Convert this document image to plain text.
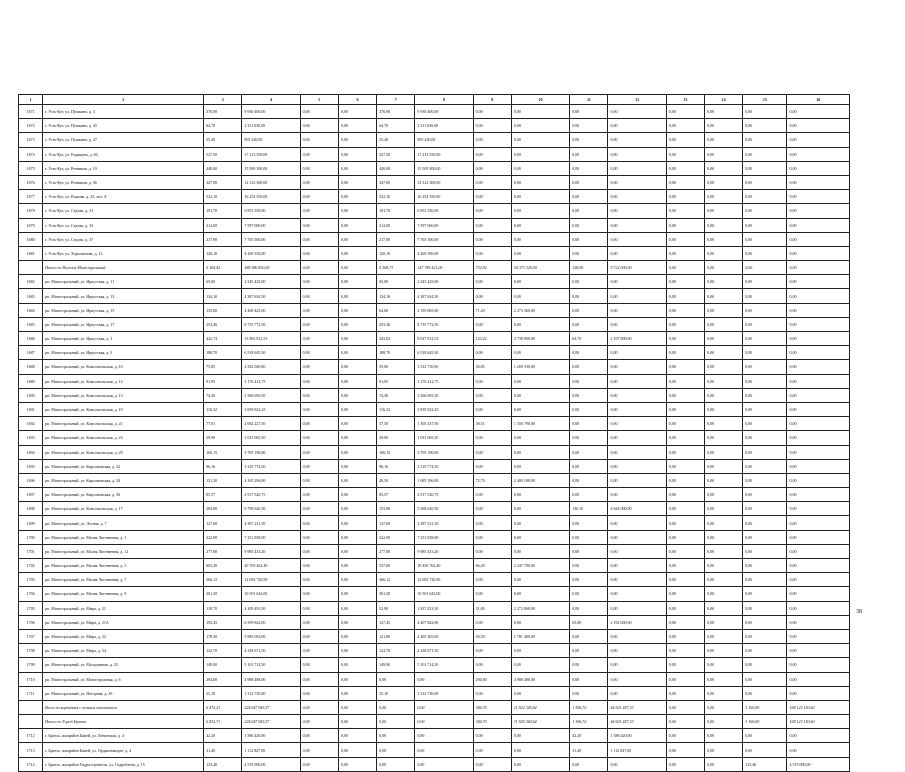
1	2	3	4	5	6	7	8	9	10	11	12	13	14	15	16
1671	г. Усть-Кут, ул. Пушкина, д. 3	376,90	9 930 400,00	0,00	0,00	376,90	9 930 400,00	0,00	0,00	0,00	0,00	0,00	0,00	0,00	0,00
1672	г. Усть-Кут, ул. Пушкина, д. 45	64,70	2 311 630,00	0,00	0,00	64,70	2 311 630,00	0,00	0,00	0,00	0,00	0,00	0,00	0,00	0,00
1673	г. Усть-Кут, ул. Пушкина, д. 47	25,40	905 230,00	0,00	0,00	25,40	905 230,00	0,00	0,00	0,00	0,00	0,00	0,00	0,00	0,00
1674	г. Усть-Кут, ул. Радищева, д. 84	527,50	17 213 550,00	0,00	0,00	527,50	17 213 550,00	0,00	0,00	0,00	0,00	0,00	0,00	0,00	0,00
1675	г. Усть-Кут, ул. Речников, д. 19	440,00	15 509 300,00	0,00	0,00	440,00	15 509 300,00	0,00	0,00	0,00	0,00	0,00	0,00	0,00	0,00
1676	г. Усть-Кут, ул. Речников, д. 36	347,00	12 312 300,00	0,00	0,00	347,00	12 312 300,00	0,00	0,00	0,00	0,00	0,00	0,00	0,00	0,00
1677	г. Усть-Кут, ул. Рыжова, д. 25, лит. А	522,10	16 254 550,00	0,00	0,00	522,10	16 254 550,00	0,00	0,00	0,00	0,00	0,00	0,00	0,00	0,00
1678	г. Усть-Кут, ул. Седова, д. 31	191,70	6 853 350,00	0,00	0,00	191,70	6 853 350,00	0,00	0,00	0,00	0,00	0,00	0,00	0,00	0,00
1679	г. Усть-Кут, ул. Седова, д. 33	214,00	7 597 000,00	0,00	0,00	214,00	7 597 000,00	0,00	0,00	0,00	0,00	0,00	0,00	0,00	0,00
1680	г. Усть-Кут, ул. Седова, д. 37	217,90	7 765 500,00	0,00	0,00	217,90	7 765 500,00	0,00	0,00	0,00	0,00	0,00	0,00	0,00	0,00
1681	г. Усть-Кут, ул. Хорошилова, д. 12	120,10	4 269 350,00	0,00	0,00	120,10	4 269 350,00	0,00	0,00	0,00	0,00	0,00	0,00	0,00	0,00
	Итого по Поселок Магистральный:	5 164,42	188 380 830,00	0,00	0,00	4 368,73	147 785 421,00	732,92	34 373 329,00	128,00	9 722 000,00	0,00	0,00	0,00	0,00
1682	рп. Магистральный, ул. Иркутская, д. 11	65,00	2 345 425,00	0,00	0,00	65,00	2 345 425,00	0,00	0,00	0,00	0,00	0,00	0,00	0,00	0,00
1683	рп. Магистральный, ул. Иркутская, д. 13	134,10	4 387 634,50	0,00	0,00	134,10	4 387 634,50	0,00	0,00	0,00	0,00	0,00	0,00	0,00	0,00
1684	рп. Магистральный, ул. Иркутская, д. 15	135,80	4 468 425,00	0,00	0,00	64,60	2 195 065,00	71,20	2 273 360,00	0,00	0,00	0,00	0,00	0,00	0,00
1685	рп. Магистральный, ул. Иркутская, д. 17	253,46	8 735 772,50	0,00	0,00	253,46	8 735 772,50	0,00	0,00	0,00	0,00	0,00	0,00	0,00	0,00
1686	рп. Магистральный, ул. Иркутская, д. 3	422,74	13 963 812,53	0,00	0,00	243,82	8 027 912,53	123,22	3 738 900,00	64,70	2 197 000,00	0,00	0,00	0,00	0,00
1687	рп. Магистральный, ул. Иркутская, д. 5	188,70	6 518 645,50	0,00	0,00	188,70	6 518 645,50	0,00	0,00	0,00	0,00	0,00	0,00	0,00	0,00
1688	рп. Магистральный, ул. Комсомольская, д. 10	75,85	2 582 040,00	0,00	0,00	39,00	1 312 710,00	36,85	1 269 330,00	0,00	0,00	0,00	0,00	0,00	0,00
1689	рп. Магистральный, ул. Комсомольская, д. 12	91,95	3 176 412,75	0,00	0,00	91,95	3 176 412,75	0,00	0,00	0,00	0,00	0,00	0,00	0,00	0,00
1690	рп. Магистральный, ул. Комсомольская, д. 13	74,30	2 566 693,50	0,00	0,00	74,30	2 566 693,50	0,00	0,00	0,00	0,00	0,00	0,00	0,00	0,00
1691	рп. Магистральный, ул. Комсомольская, д. 19	116,32	3 839 922,25	0,00	0,00	116,32	3 839 922,25	0,00	0,00	0,00	0,00	0,00	0,00	0,00	0,00
1692	рп. Магистральный, ул. Комсомольская, д. 21	77,01	2 682 227,50	0,00	0,00	37,50	1 305 437,50	39,51	1 356 790,00	0,00	0,00	0,00	0,00	0,00	0,00
1693	рп. Магистральный, ул. Комсомольская, д. 23	29,90	1 031 065,50	0,00	0,00	29,90	1 031 065,50	0,00	0,00	0,00	0,00	0,00	0,00	0,00	0,00
1694	рп. Магистральный, ул. Комсомольская, д. 29	106,15	3 705 190,00	0,00	0,00	106,15	3 705 190,00	0,00	0,00	0,00	0,00	0,00	0,00	0,00	0,00
1695	рп. Магистральный, ул. Кирсановская, д. 32	96,16	3 319 774,50	0,00	0,00	96,16	3 319 774,50	0,00	0,00	0,00	0,00	0,00	0,00	0,00	0,00
1696	рп. Магистральный, ул. Кирсановская, д. 34	121,20	4 165 296,00	0,00	0,00	48,50	1 685 196,00	72,70	2 480 100,00	0,00	0,00	0,00	0,00	0,00	0,00
1697	рп. Магистральный, ул. Кирсановская, д. 36	85,57	2 917 520,75	0,00	0,00	85,57	2 917 520,75	0,00	0,00	0,00	0,00	0,00	0,00	0,00	0,00
1698	рп. Магистральный, ул. Комсомольская, д. 17	283,80	9 798 620,50	0,00	0,00	153,80	5 368 620,50	0,00	0,00	130,10	4 644 000,00	0,00	0,00	0,00	0,00
1699	рп. Магистральный, ул. Лесная, д. 7	127,00	4 387 231,50	0,00	0,00	127,00	4 387 231,50	0,00	0,00	0,00	0,00	0,00	0,00	0,00	0,00
1700	рп. Магистральный, ул. Малая Лиственная, д. 1	222,90	7 251 838,00	0,00	0,00	222,90	7 251 838,00	0,00	0,00	0,00	0,00	0,00	0,00	0,00	0,00
1701	рп. Магистральный, ул. Малая Лиственная, д. 12	277,80	9 985 433,20	0,00	0,00	277,80	9 985 433,20	0,00	0,00	0,00	0,00	0,00	0,00	0,00	0,00
1702	рп. Магистральный, ул. Малая Лиственная, д. 5	603,20	20 703 462,40	0,00	0,00	537,00	18 456 762,40	66,20	2 247 700,00	0,00	0,00	0,00	0,00	0,00	0,00
1703	рп. Магистральный, ул. Малая Лиственная, д. 7	366,12	12 693 720,90	0,00	0,00	366,12	12 693 720,90	0,00	0,00	0,00	0,00	0,00	0,00	0,00	0,00
1704	рп. Магистральный, ул. Малая Лиственная, д. 9	301,30	10 501 643,00	0,00	0,00	301,30	10 501 643,00	0,00	0,00	0,00	0,00	0,00	0,00	0,00	0,00
1705	рп. Магистральный, ул. Мира, д. 21	118,70	4 109 491,50	0,00	0,00	52,90	1 837 433,50	31,80	2 272 060,00	0,00	0,00	0,00	0,00	0,00	0,00
1706	рп. Магистральный, ул. Мира, д. 21А	192,45	6 599 842,00	0,00	0,00	127,45	4 407 842,00	0,00	0,00	65,00	2 192 000,00	0,00	0,00	0,00	0,00
1707	рп. Магистральный, ул. Мира, д. 22	178,30	5 985 003,00	0,00	0,00	121,80	4 205 305,00	56,50	1 781 400,00	0,00	0,00	0,00	0,00	0,00	0,00
1708	рп. Магистральный, ул. Мира, д. 54	122,70	4 238 671,50	0,00	0,00	122,70	4 238 671,50	0,00	0,00	0,00	0,00	0,00	0,00	0,00	0,00
1709	рп. Магистральный, ул. Молодежная, д. 25	149,90	5 101 714,50	0,00	0,00	149,90	5 101 714,50	0,00	0,00	0,00	0,00	0,00	0,00	0,00	0,00
1710	рп. Магистральный, ул. Магистральная, д. 6	294,80	4 988 488,00	0,00	0,00	0,00	0,00	294,80	4 988 488,00	0,00	0,00	0,00	0,00	0,00	0,00
1711	рп. Магистральный, ул. Нагорная, д. 29	25,10	1 312 730,00	0,00	0,00	25,10	1 312 730,00	0,00	0,00	0,00	0,00	0,00	0,00	0,00	0,00
	Всего по кирпичная с печным отоплением	6 472,21	224 647 943,57	0,00	0,00	0,00	0,00	346,70	11 922 345,64	1 306,72	44 601 447,33	0,00	0,00	3 160,69	168 123 150,60
	Итого по Город Братск	6 832,71	224 647 943,57	0,00	0,00	0,00	0,00	346,70	11 925 340,64	1 306,72	44 601 447,33	0,00	0,00	3 160,69	168 123 150,60
1712	г. Братск, жилрайон Бикей, ул. Ленинская, д. 4	42,20	1 586 420,00	0,00	0,00	0,00	0,00	0,00	0,00	42,20	1 586 420,00	0,00	0,00	0,00	0,00
1713	г. Братск, жилрайон Бикей, ул. Орджоникидзе, д. 4	31,40	1 112 847,00	0,00	0,00	0,00	0,00	0,00	0,00	31,40	1 112 847,00	0,00	0,00	0,00	0,00
1714	г. Братск, жилрайон Гидростроитель, ул. Гидробатов, д. 15	123,40	4 519 000,00	0,00	0,00	0,00	0,00	0,00	0,00	0,00	0,00	0,00	0,00	123,40	4 519 000,00
38
